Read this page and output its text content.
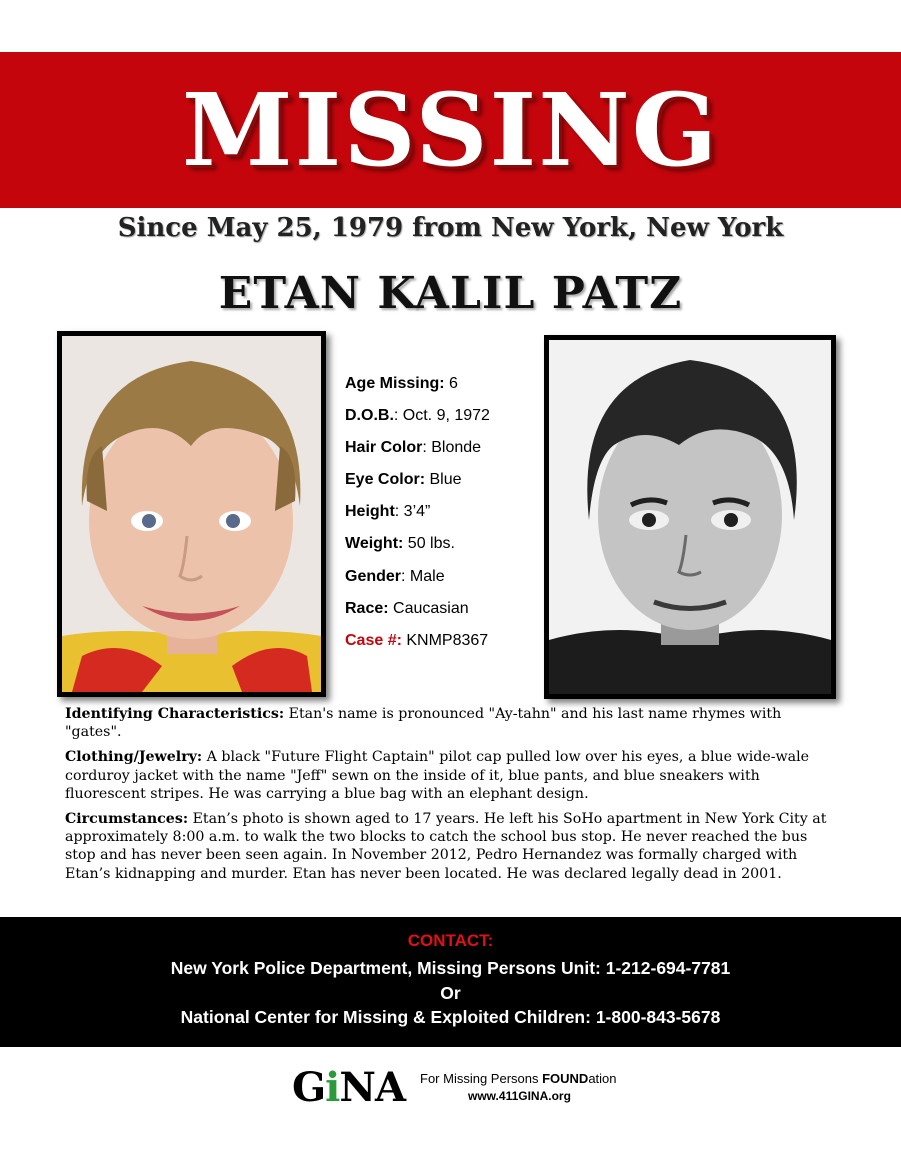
MISSING
Since May 25, 1979 from New York, New York
ETAN KALIL PATZ
Age Missing: 6
D.O.B.: Oct. 9, 1972
Hair Color: Blonde
Eye Color: Blue
Height: 3’4”
Weight: 50 lbs.
Gender: Male
Race: Caucasian
Case #: KNMP8367

Identifying Characteristics: Etan's name is pronounced "Ay-tahn" and his last name rhymes with "gates".

Clothing/Jewelry: A black "Future Flight Captain" pilot cap pulled low over his eyes, a blue wide-wale corduroy jacket with the name "Jeff" sewn on the inside of it, blue pants, and blue sneakers with fluorescent stripes. He was carrying a blue bag with an elephant design.

Circumstances: Etan’s photo is shown aged to 17 years. He left his SoHo apartment in New York City at approximately 8:00 a.m. to walk the two blocks to catch the school bus stop. He never reached the bus stop and has never been seen again. In November 2012, Pedro Hernandez was formally charged with Etan’s kidnapping and murder. Etan has never been located. He was declared legally dead in 2001.

CONTACT:
New York Police Department, Missing Persons Unit: 1-212-694-7781
Or
National Center for Missing & Exploited Children: 1-800-843-5678
GiNA For Missing Persons FOUNDation
www.411GINA.org
